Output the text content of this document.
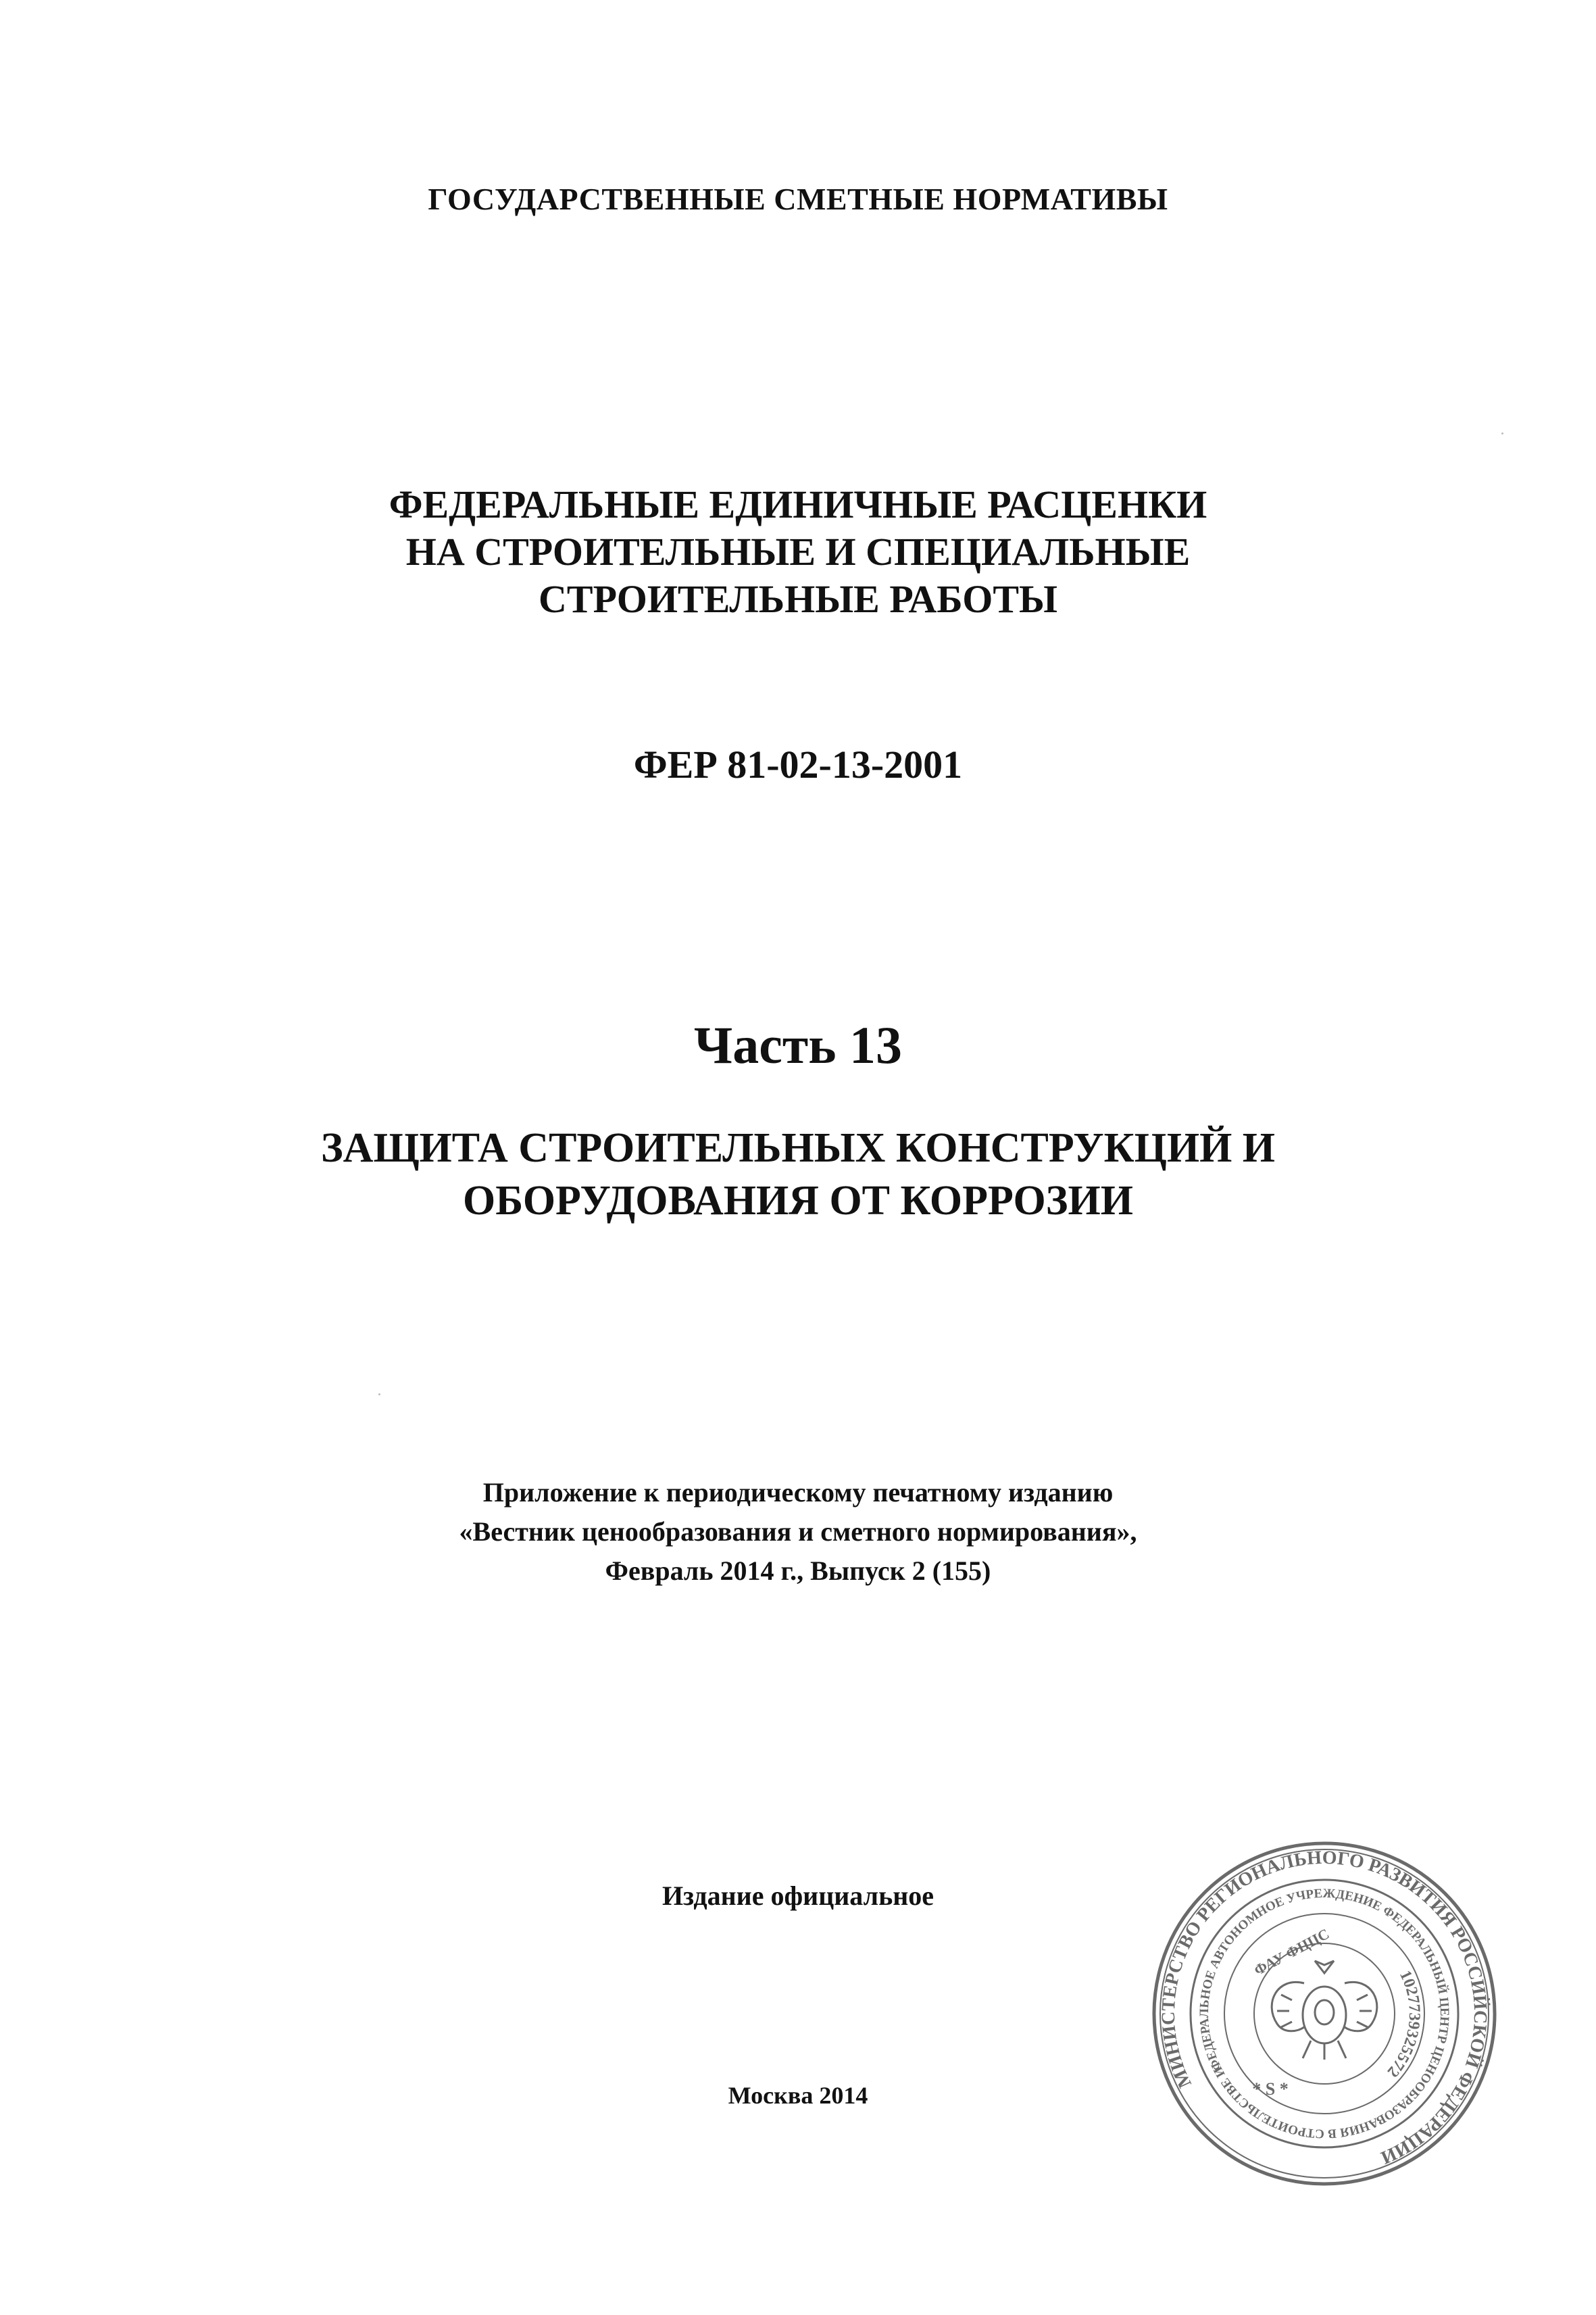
ГОСУДАРСТВЕННЫЕ СМЕТНЫЕ НОРМАТИВЫ

ФЕДЕРАЛЬНЫЕ ЕДИНИЧНЫЕ РАСЦЕНКИ
НА СТРОИТЕЛЬНЫЕ И СПЕЦИАЛЬНЫЕ
СТРОИТЕЛЬНЫЕ РАБОТЫ

ФЕР 81-02-13-2001

Часть 13

ЗАЩИТА СТРОИТЕЛЬНЫХ КОНСТРУКЦИЙ И
ОБОРУДОВАНИЯ ОТ КОРРОЗИИ
Приложение к периодическому печатному изданию
«Вестник ценообразования и сметного нормирования»,
Февраль 2014 г., Выпуск 2 (155)

Издание официальное

Москва 2014

МИНИСТЕРСТВО РЕГИОНАЛЬНОГО РАЗВИТИЯ РОССИЙСКОЙ ФЕДЕРАЦИИ
ФЕДЕРАЛЬНОЕ АВТОНОМНОЕ УЧРЕЖДЕНИЕ ФЕДЕРАЛЬНЫЙ ЦЕНТР ЦЕНООБРАЗОВАНИЯ В СТРОИТЕЛЬСТВЕ И
1027739325572
ФАУ ФЦЦС
* S *
